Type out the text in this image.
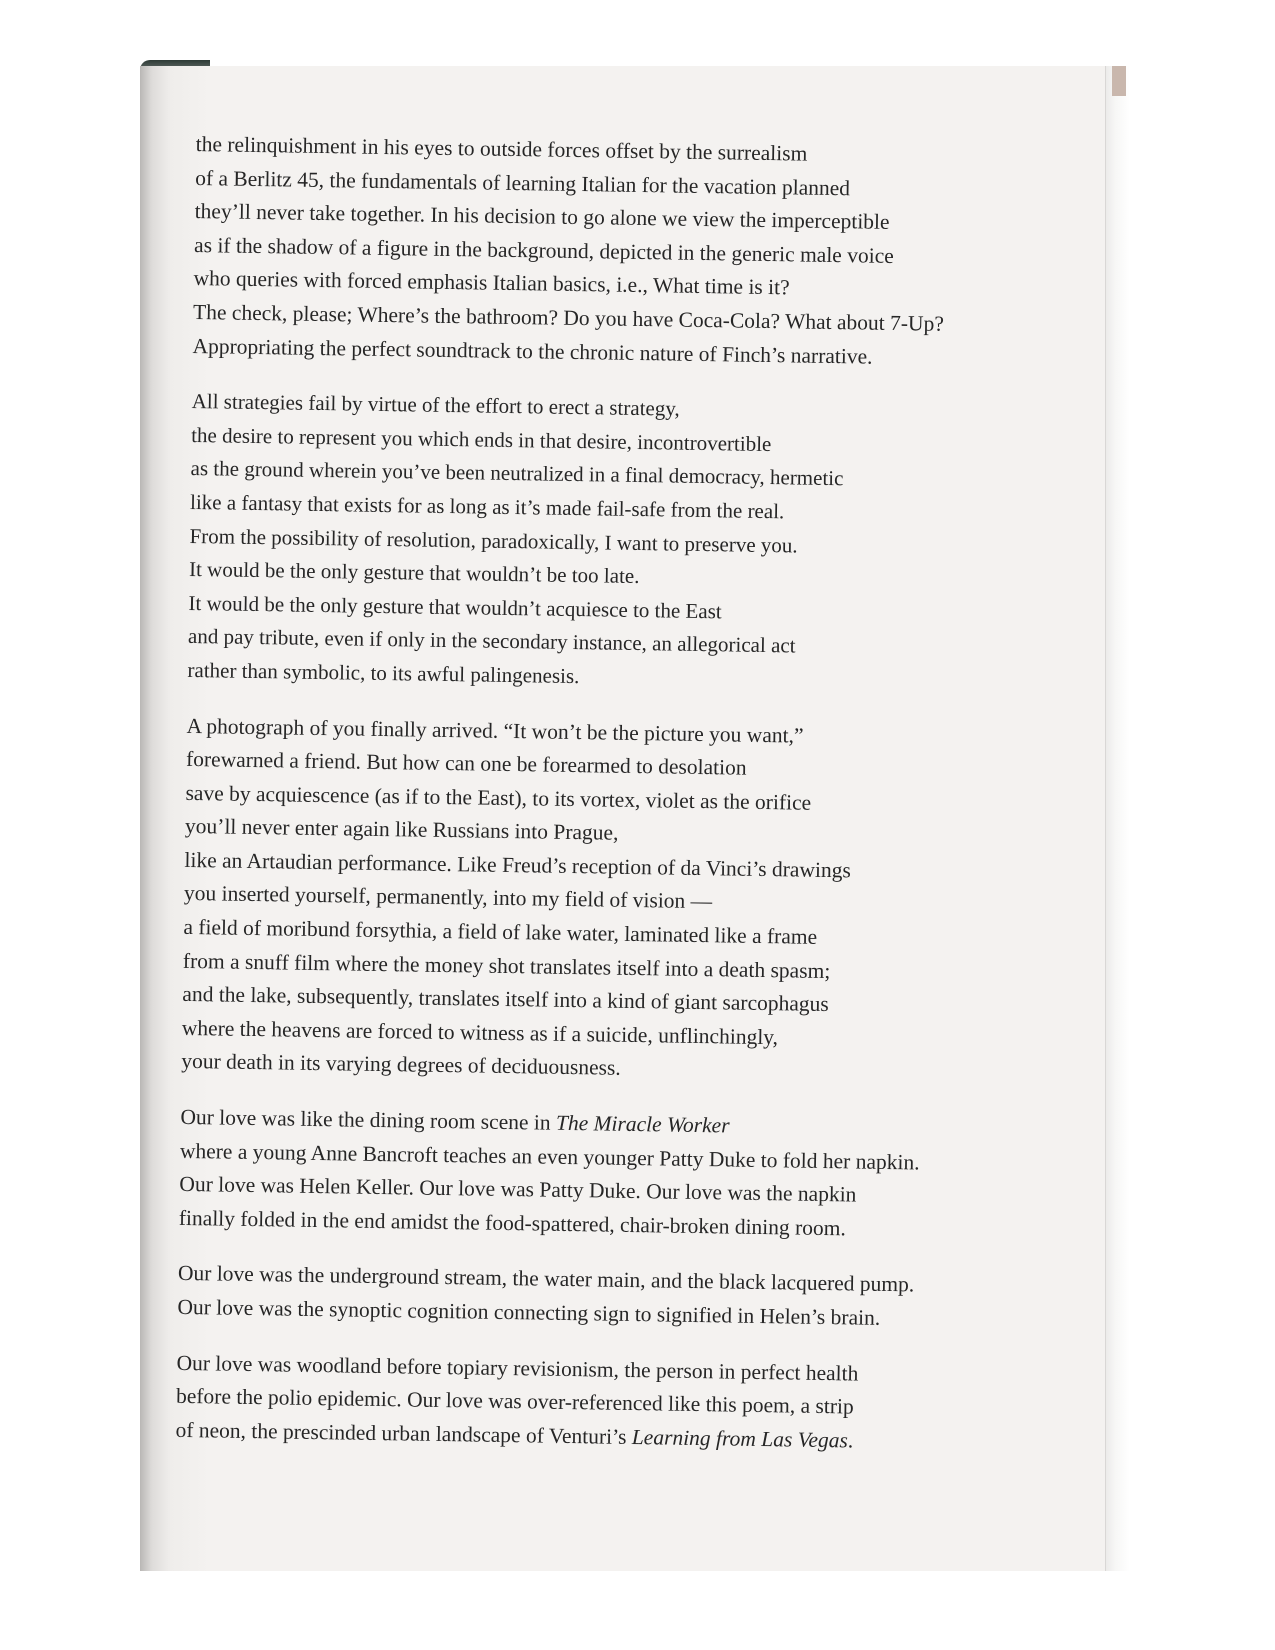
the relinquishment in his eyes to outside forces offset by the surrealism
of a Berlitz 45, the fundamentals of learning Italian for the vacation planned
they’ll never take together. In his decision to go alone we view the imperceptible
as if the shadow of a figure in the background, depicted in the generic male voice
who queries with forced emphasis Italian basics, i.e., What time is it?
The check, please; Where’s the bathroom? Do you have Coca-Cola? What about 7-Up?
Appropriating the perfect soundtrack to the chronic nature of Finch’s narrative.
All strategies fail by virtue of the effort to erect a strategy,
the desire to represent you which ends in that desire, incontrovertible
as the ground wherein you’ve been neutralized in a final democracy, hermetic
like a fantasy that exists for as long as it’s made fail-safe from the real.
From the possibility of resolution, paradoxically, I want to preserve you.
It would be the only gesture that wouldn’t be too late.
It would be the only gesture that wouldn’t acquiesce to the East
and pay tribute, even if only in the secondary instance, an allegorical act
rather than symbolic, to its awful palingenesis.
A photograph of you finally arrived. “It won’t be the picture you want,”
forewarned a friend. But how can one be forearmed to desolation
save by acquiescence (as if to the East), to its vortex, violet as the orifice
you’ll never enter again like Russians into Prague,
like an Artaudian performance. Like Freud’s reception of da Vinci’s drawings
you inserted yourself, permanently, into my field of vision —
a field of moribund forsythia, a field of lake water, laminated like a frame
from a snuff film where the money shot translates itself into a death spasm;
and the lake, subsequently, translates itself into a kind of giant sarcophagus
where the heavens are forced to witness as if a suicide, unflinchingly,
your death in its varying degrees of deciduousness.
Our love was like the dining room scene in The Miracle Worker
where a young Anne Bancroft teaches an even younger Patty Duke to fold her napkin.
Our love was Helen Keller. Our love was Patty Duke. Our love was the napkin
finally folded in the end amidst the food-spattered, chair-broken dining room.
Our love was the underground stream, the water main, and the black lacquered pump.
Our love was the synoptic cognition connecting sign to signified in Helen’s brain.
Our love was woodland before topiary revisionism, the person in perfect health
before the polio epidemic. Our love was over-referenced like this poem, a strip
of neon, the prescinded urban landscape of Venturi’s Learning from Las Vegas.
